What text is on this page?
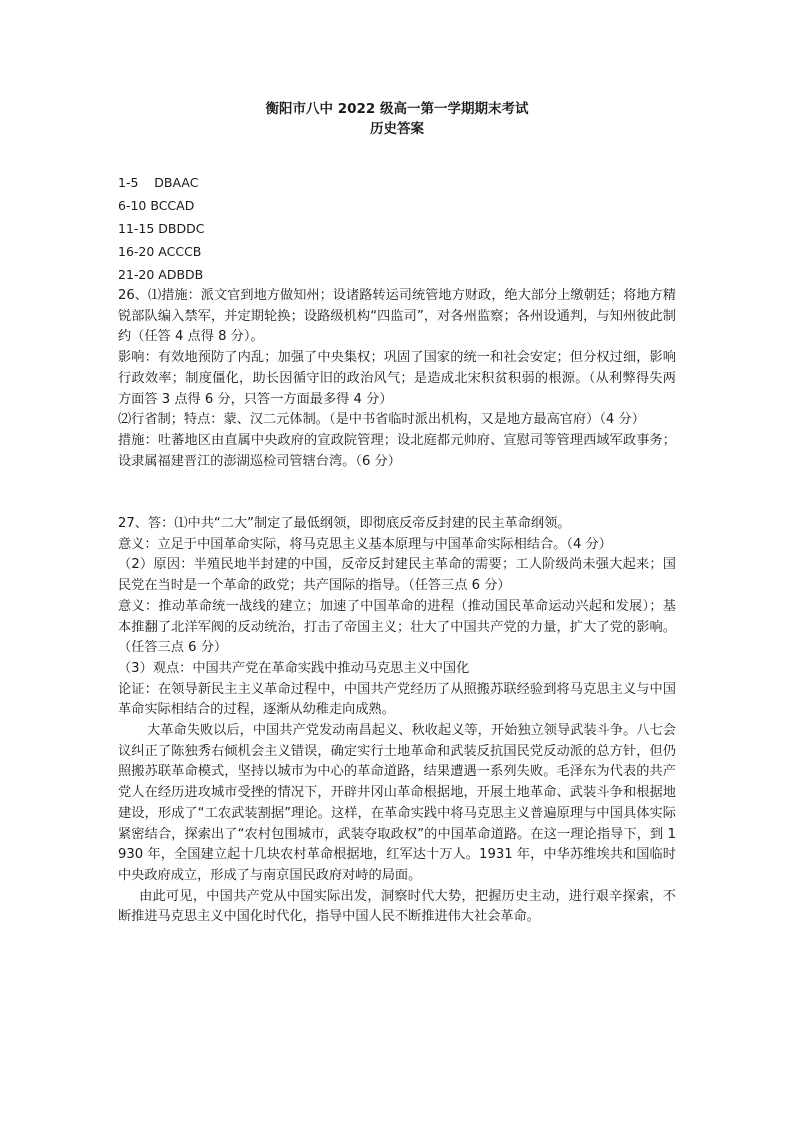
衡阳市八中 2022 级高一第一学期期末考试
历史答案
1-5    DBAAC
6-10 BCCAD
11-15 DBDDC
16-20 ACCCB
21-20 ADBDB

26、⑴措施：派文官到地方做知州；设诸路转运司统管地方财政，绝大部分上缴朝廷；将地方精锐部队编入禁军，并定期轮换；设路级机构“四监司”，对各州监察；各州设通判，与知州彼此制约（任答 4 点得 8 分）。

影响：有效地预防了内乱；加强了中央集权；巩固了国家的统一和社会安定；但分权过细，影响行政效率；制度僵化，助长因循守旧的政治风气；是造成北宋积贫积弱的根源。（从利弊得失两方面答 3 点得 6 分，只答一方面最多得 4 分）

⑵行省制；特点：蒙、汉二元体制。（是中书省临时派出机构，又是地方最高官府）（4 分）

措施：吐蕃地区由直属中央政府的宣政院管理；设北庭都元帅府、宣慰司等管理西域军政事务；设隶属福建晋江的澎湖巡检司管辖台湾。（6 分）

27、答：⑴中共“二大”制定了最低纲领，即彻底反帝反封建的民主革命纲领。

意义：立足于中国革命实际，将马克思主义基本原理与中国革命实际相结合。（4 分）

（2）原因：半殖民地半封建的中国，反帝反封建民主革命的需要；工人阶级尚未强大起来；国民党在当时是一个革命的政党；共产国际的指导。（任答三点 6 分）

意义：推动革命统一战线的建立；加速了中国革命的进程（推动国民革命运动兴起和发展）；基本推翻了北洋军阀的反动统治，打击了帝国主义；壮大了中国共产党的力量，扩大了党的影响。（任答三点 6 分）

（3）观点：中国共产党在革命实践中推动马克思主义中国化

论证：在领导新民主主义革命过程中，中国共产党经历了从照搬苏联经验到将马克思主义与中国革命实际相结合的过程，逐渐从幼稚走向成熟。

大革命失败以后，中国共产党发动南昌起义、秋收起义等，开始独立领导武装斗争。八七会议纠正了陈独秀右倾机会主义错误，确定实行土地革命和武装反抗国民党反动派的总方针，但仍照搬苏联革命模式，坚持以城市为中心的革命道路，结果遭遇一系列失败。毛泽东为代表的共产党人在经历进攻城市受挫的情况下，开辟井冈山革命根据地，开展土地革命、武装斗争和根据地建设，形成了“工农武装割据”理论。这样，在革命实践中将马克思主义普遍原理与中国具体实际紧密结合，探索出了“农村包围城市，武装夺取政权”的中国革命道路。在这一理论指导下，到 1930 年，全国建立起十几块农村革命根据地，红军达十万人。1931 年，中华苏维埃共和国临时中央政府成立，形成了与南京国民政府对峙的局面。

由此可见，中国共产党从中国实际出发，洞察时代大势，把握历史主动，进行艰辛探索，不断推进马克思主义中国化时代化，指导中国人民不断推进伟大社会革命。
